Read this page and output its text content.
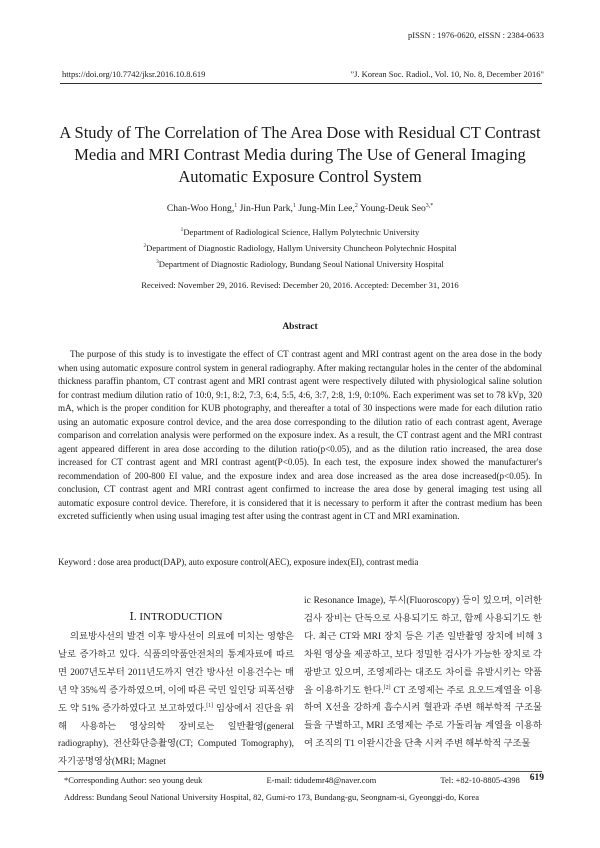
pISSN : 1976-0620, eISSN : 2384-0633
https://doi.org/10.7742/jksr.2016.10.8.619	"J. Korean Soc. Radiol., Vol. 10, No. 8, December 2016"
A Study of The Correlation of The Area Dose with Residual CT Contrast Media and MRI Contrast Media during The Use of General Imaging Automatic Exposure Control System
Chan-Woo Hong,$^1$ Jin-Hun Park,$^1$ Jung-Min Lee,$^2$ Young-Deuk Seo$^{3,*}$
$^1$Department of Radiological Science, Hallym Polytechnic University
$^2$Department of Diagnostic Radiology, Hallym University Chuncheon Polytechnic Hospital
$^3$Department of Diagnostic Radiology, Bundang Seoul National University Hospital
Received: November 29, 2016. Revised: December 20, 2016. Accepted: December 31, 2016
Abstract
The purpose of this study is to investigate the effect of CT contrast agent and MRI contrast agent on the area dose in the body when using automatic exposure control system in general radiography. After making rectangular holes in the center of the abdominal thickness paraffin phantom, CT contrast agent and MRI contrast agent were respectively diluted with physiological saline solution for contrast medium dilution ratio of 10:0, 9:1, 8:2, 7:3, 6:4, 5:5, 4:6, 3:7, 2:8, 1:9, 0:10%. Each experiment was set to 78 kVp, 320 mA, which is the proper condition for KUB photography, and thereafter a total of 30 inspections were made for each dilution ratio using an automatic exposure control device, and the area dose corresponding to the dilution ratio of each contrast agent, Average comparison and correlation analysis were performed on the exposure index. As a result, the CT contrast agent and the MRI contrast agent appeared different in area dose according to the dilution ratio(p<0.05), and as the dilution ratio increased, the area dose increased for CT contrast agent and MRI contrast agent(P<0.05). In each test, the exposure index showed the manufacturer's recommendation of 200-800 EI value, and the exposure index and area dose increased as the area dose increased(p<0.05). In conclusion, CT contrast agent and MRI contrast agent confirmed to increase the area dose by general imaging test using all automatic exposure control device. Therefore, it is considered that it is necessary to perform it after the contrast medium has been excreted sufficiently when using usual imaging test after using the contrast agent in CT and MRI examination.
Keyword : dose area product(DAP), auto exposure control(AEC), exposure index(EI), contrast media
Ⅰ. INTRODUCTION
의료방사선의 발견 이후 방사선이 의료에 미치는 영향은 날로 증가하고 있다. 식품의약품안전처의 통계자료에 따르면 2007년도부터 2011년도까지 연간 방사선 이용건수는 매년 약 35%씩 증가하였으며, 이에 따른 국민 일인당 피폭선량도 약 51% 증가하였다고 보고하였다.[1] 임상에서 진단을 위해 사용하는 영상의학 장비로는 일반촬영(general radiography), 전산화단층촬영(CT; Computed Tomography), 자기공명영상(MRI; Magnet
ic Resonance Image), 투시(Fluoroscopy) 등이 있으며, 이러한 검사 장비는 단독으로 사용되기도 하고, 함께 사용되기도 한다. 최근 CT와 MRI 장치 등은 기존 일반촬영 장치에 비해 3차원 영상을 제공하고, 보다 정밀한 검사가 가능한 장치로 각광받고 있으며, 조영제라는 대조도 차이를 유발시키는 약품을 이용하기도 한다.[2] CT 조영제는 주로 요오드계열을 이용하여 X선을 강하게 흡수시켜 혈관과 주변 해부학적 구조물들을 구별하고, MRI 조영제는 주로 가돌리늄 계열을 이용하여 조직의 T1 이완시간을 단축 시켜 주변 해부학적 구조물
*Corresponding Author: seo young deuk	E-mail: tidudemr48@naver.com	Tel: +82-10-8805-4398
Address: Bundang Seoul National University Hospital, 82, Gumi-ro 173, Bundang-gu, Seongnam-si, Gyeonggi-do, Korea
619
